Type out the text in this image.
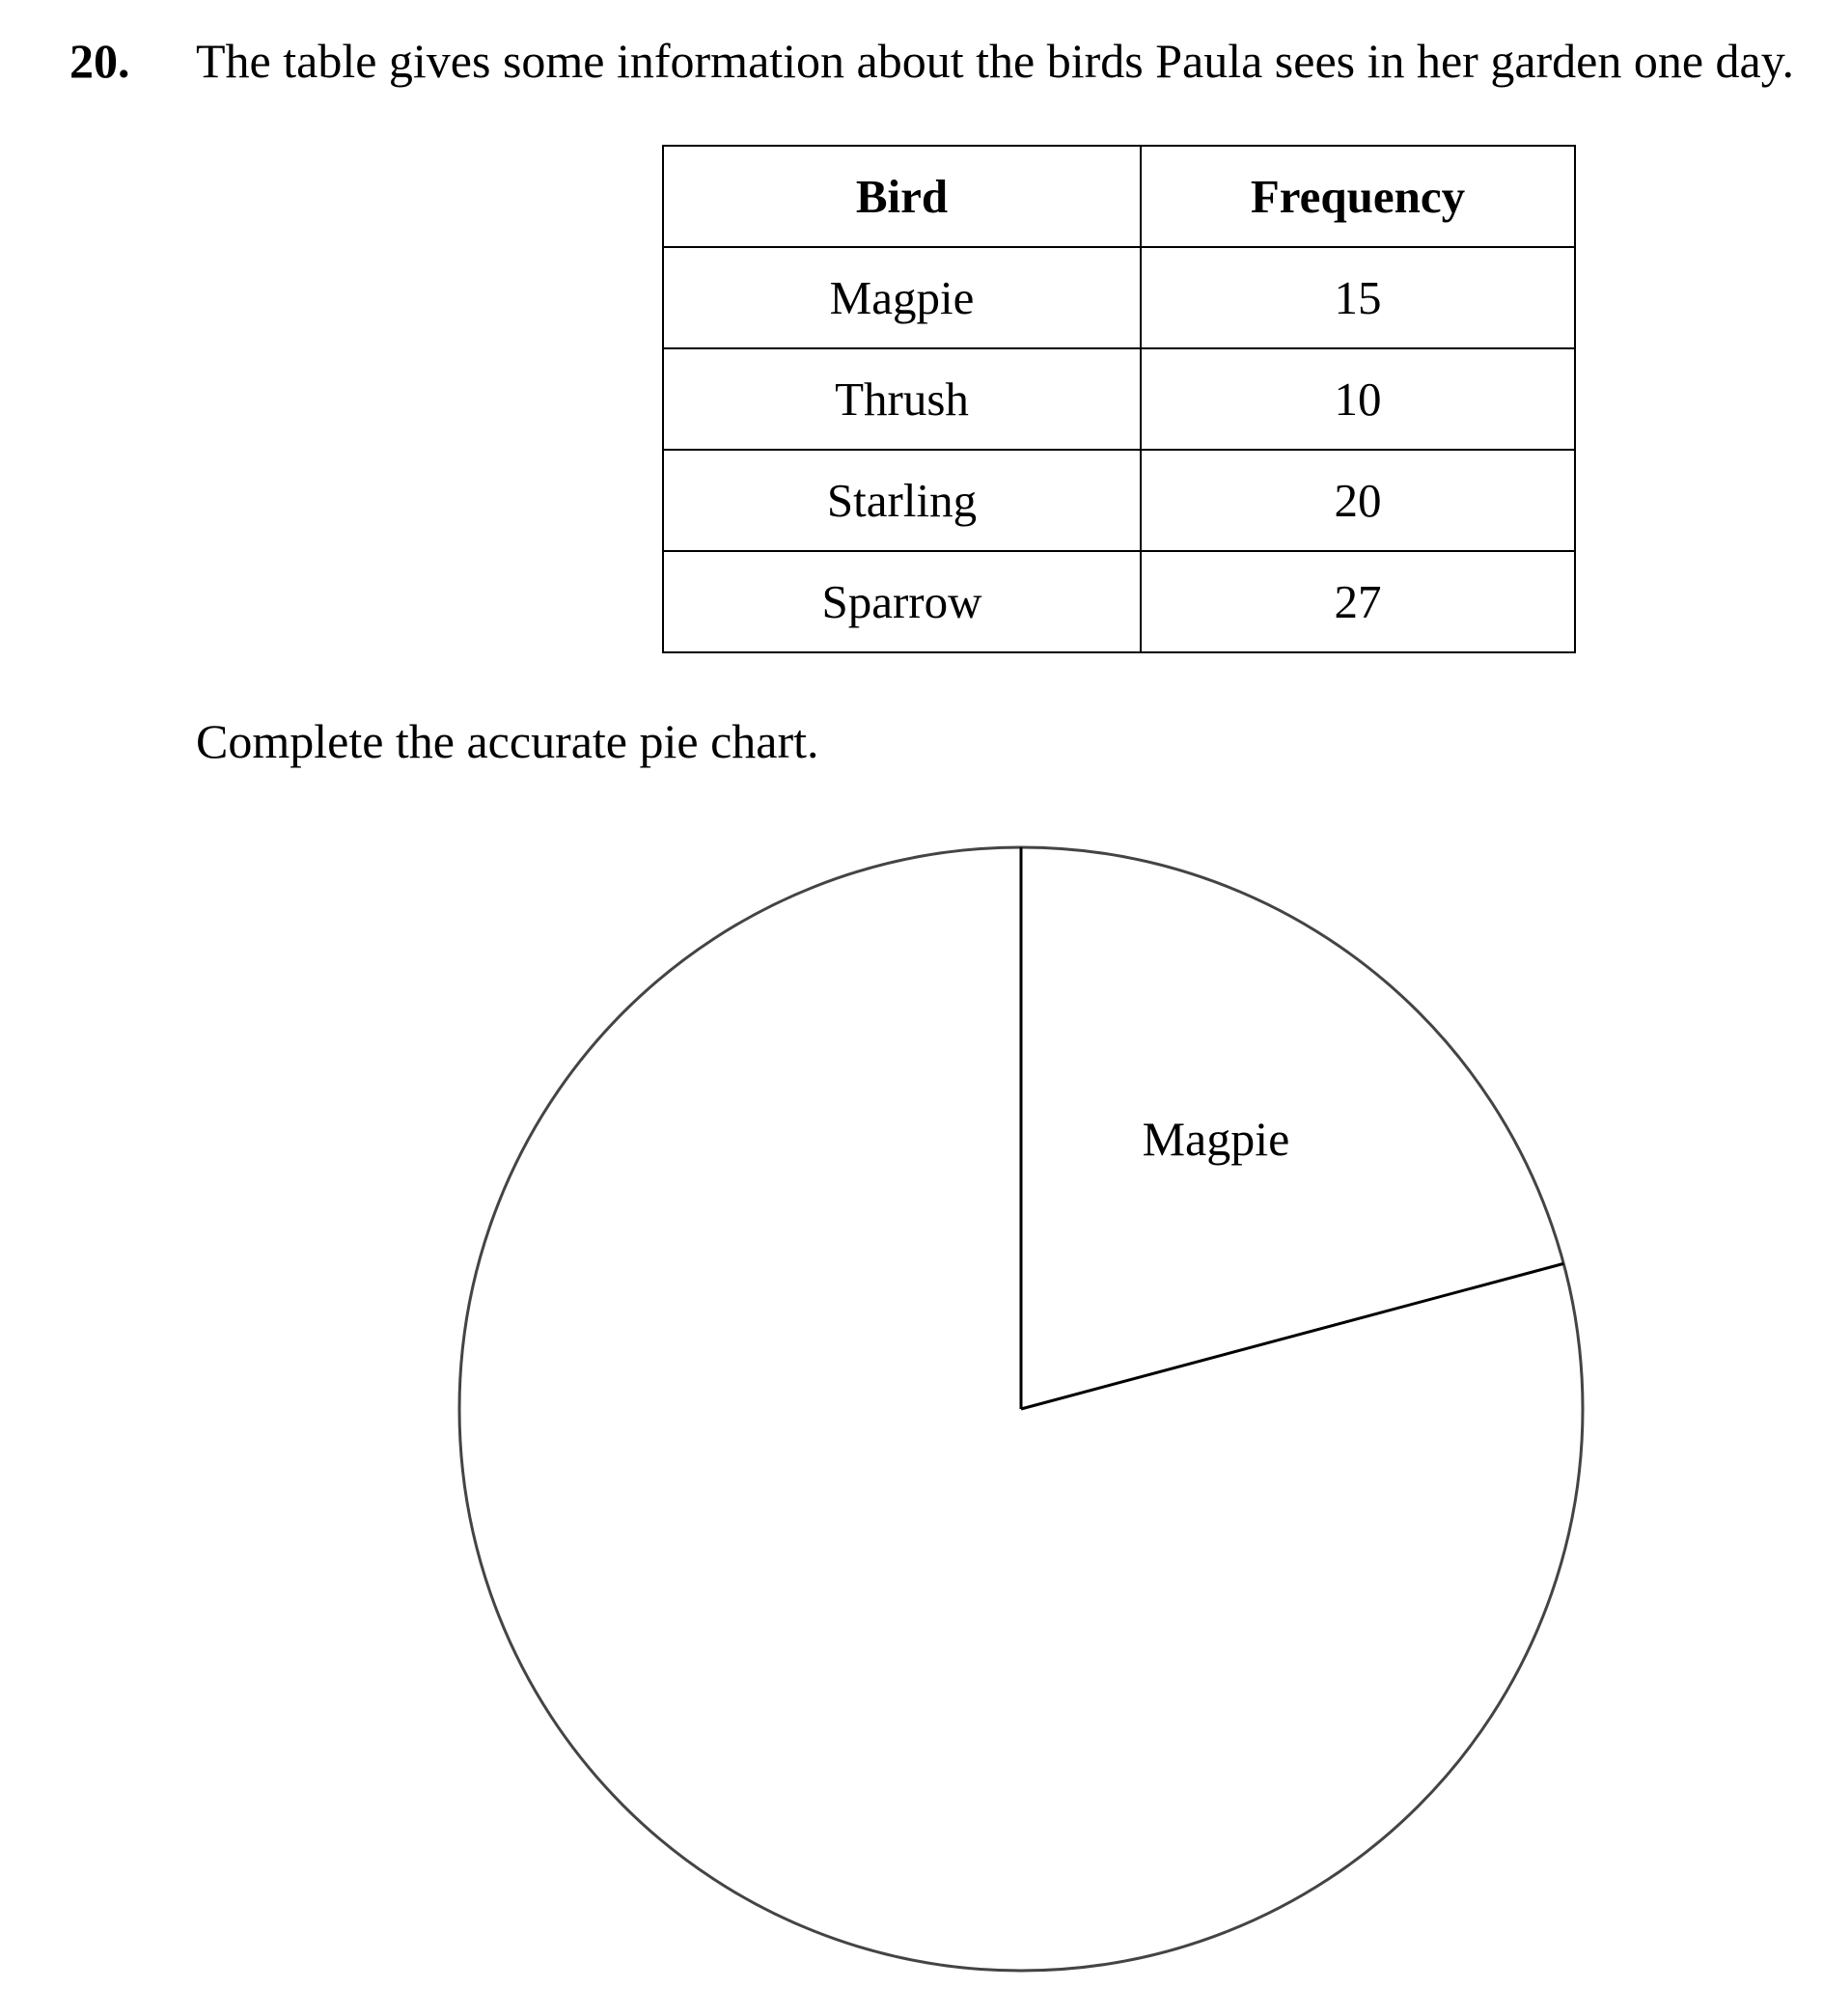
20. The table gives some information about the birds Paula sees in her garden one day.
Bird	Frequency
Magpie	15
Thrush	10
Starling	20
Sparrow	27
Complete the accurate pie chart.
Magpie
